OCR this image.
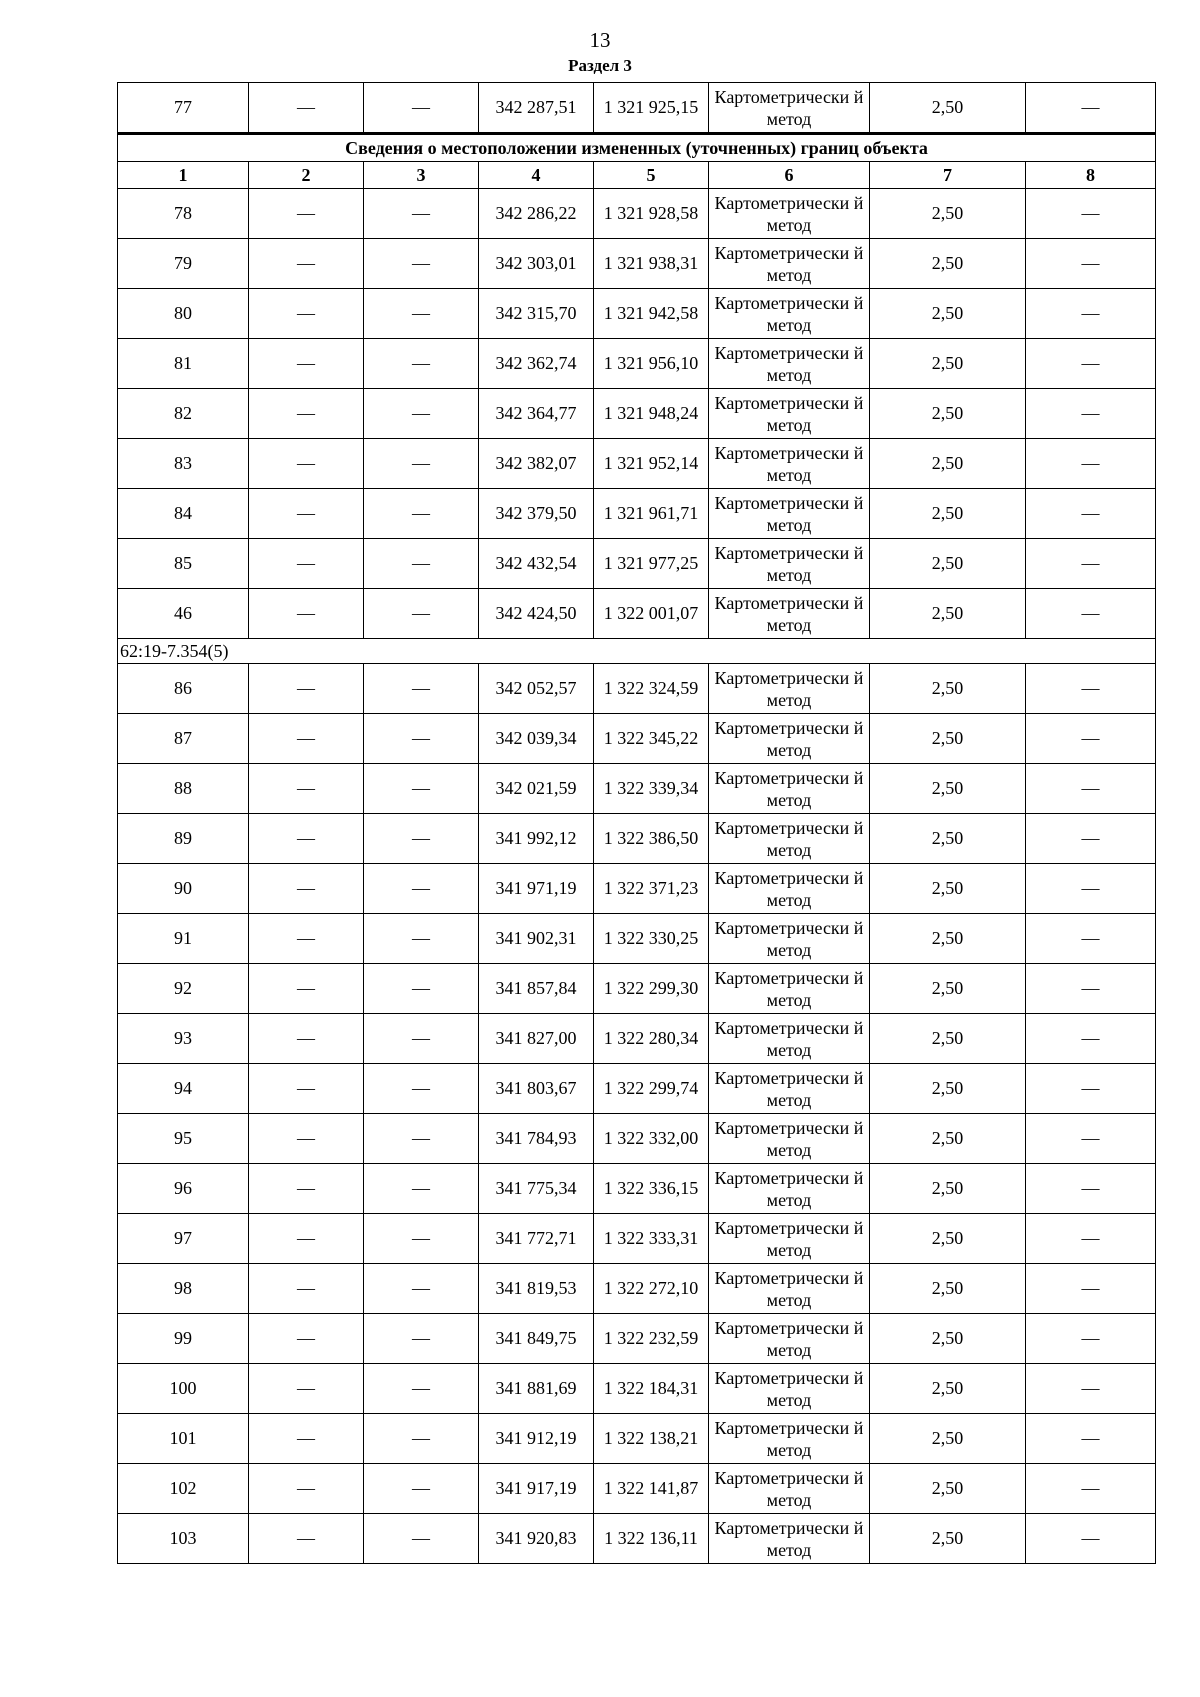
13
Раздел 3
77	—	—	342 287,51	1 321 925,15	Картометрически й метод	2,50	—
Сведения о местоположении измененных (уточненных) границ объекта							
1	2	3	4	5	6	7	8
78	—	—	342 286,22	1 321 928,58	Картометрически й метод	2,50	—
79	—	—	342 303,01	1 321 938,31	Картометрически й метод	2,50	—
80	—	—	342 315,70	1 321 942,58	Картометрически й метод	2,50	—
81	—	—	342 362,74	1 321 956,10	Картометрически й метод	2,50	—
82	—	—	342 364,77	1 321 948,24	Картометрически й метод	2,50	—
83	—	—	342 382,07	1 321 952,14	Картометрически й метод	2,50	—
84	—	—	342 379,50	1 321 961,71	Картометрически й метод	2,50	—
85	—	—	342 432,54	1 321 977,25	Картометрически й метод	2,50	—
46	—	—	342 424,50	1 322 001,07	Картометрически й метод	2,50	—
62:19-7.354(5)							
86	—	—	342 052,57	1 322 324,59	Картометрически й метод	2,50	—
87	—	—	342 039,34	1 322 345,22	Картометрически й метод	2,50	—
88	—	—	342 021,59	1 322 339,34	Картометрически й метод	2,50	—
89	—	—	341 992,12	1 322 386,50	Картометрически й метод	2,50	—
90	—	—	341 971,19	1 322 371,23	Картометрически й метод	2,50	—
91	—	—	341 902,31	1 322 330,25	Картометрически й метод	2,50	—
92	—	—	341 857,84	1 322 299,30	Картометрически й метод	2,50	—
93	—	—	341 827,00	1 322 280,34	Картометрически й метод	2,50	—
94	—	—	341 803,67	1 322 299,74	Картометрически й метод	2,50	—
95	—	—	341 784,93	1 322 332,00	Картометрически й метод	2,50	—
96	—	—	341 775,34	1 322 336,15	Картометрически й метод	2,50	—
97	—	—	341 772,71	1 322 333,31	Картометрически й метод	2,50	—
98	—	—	341 819,53	1 322 272,10	Картометрически й метод	2,50	—
99	—	—	341 849,75	1 322 232,59	Картометрически й метод	2,50	—
100	—	—	341 881,69	1 322 184,31	Картометрически й метод	2,50	—
101	—	—	341 912,19	1 322 138,21	Картометрически й метод	2,50	—
102	—	—	341 917,19	1 322 141,87	Картометрически й метод	2,50	—
103	—	—	341 920,83	1 322 136,11	Картометрически й метод	2,50	—
